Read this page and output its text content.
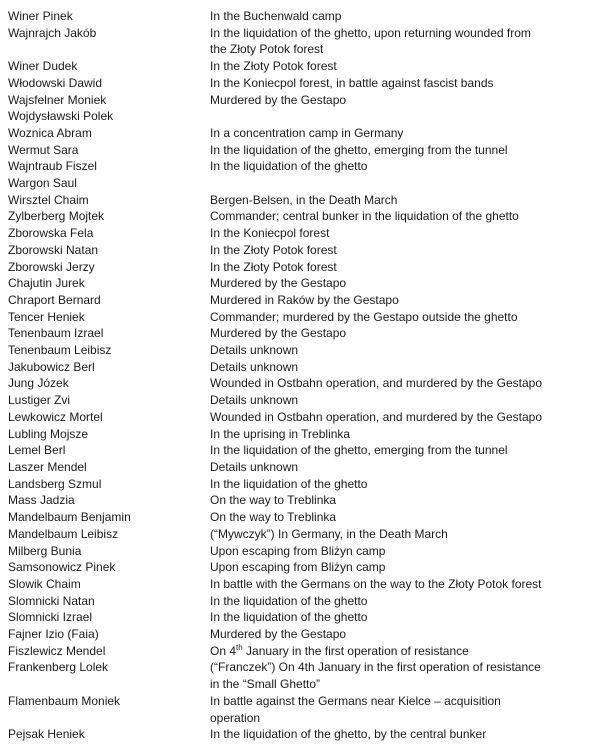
Winer Pinek	In the Buchenwald camp
Wajnrajch Jakób	In the liquidation of the ghetto, upon returning wounded from
the Złoty Potok forest
Winer Dudek	In the Złoty Potok forest
Włodowski Dawid	In the Koniecpol forest, in battle against fascist bands
Wajsfelner Moniek	Murdered by the Gestapo
Wojdysławski Polek

Woznica Abram	In a concentration camp in Germany
Wermut Sara	In the liquidation of the ghetto, emerging from the tunnel
Wajntraub Fiszel	In the liquidation of the ghetto
Wargon Saul

Wirsztel Chaim	Bergen-Belsen, in the Death March
Zylberberg Mojtek	Commander; central bunker in the liquidation of the ghetto
Zborowska Fela	In the Koniecpol forest
Zborowski Natan	In the Złoty Potok forest
Zborowski Jerzy	In the Złoty Potok forest
Chajutin Jurek	Murdered by the Gestapo
Chraport Bernard	Murdered in Raków by the Gestapo
Tencer Heniek	Commander; murdered by the Gestapo outside the ghetto
Tenenbaum Izrael	Murdered by the Gestapo
Tenenbaum Leibisz	Details unknown
Jakubowicz Berl	Details unknown
Jung Józek	Wounded in Ostbahn operation, and murdered by the Gestapo
Lustiger Zvi	Details unknown
Lewkowicz Mortel	Wounded in Ostbahn operation, and murdered by the Gestapo
Lubling Mojsze	In the uprising in Treblinka
Lemel Berl	In the liquidation of the ghetto, emerging from the tunnel
Laszer Mendel	Details unknown
Landsberg Szmul	In the liquidation of the ghetto
Mass Jadzia	On the way to Treblinka
Mandelbaum Benjamin	On the way to Treblinka
Mandelbaum Leibisz	(“Mywczyk”) In Germany, in the Death March
Milberg Bunia	Upon escaping from Bliżyn camp
Samsonowicz Pinek	Upon escaping from Bliżyn camp
Slowik Chaim	In battle with the Germans on the way to the Złoty Potok forest
Slomnicki Natan	In the liquidation of the ghetto
Slomnicki Izrael	In the liquidation of the ghetto
Fajner Izio (Faia)	Murdered by the Gestapo
Fiszlewicz Mendel	On 4th January in the first operation of resistance
Frankenberg Lolek	(“Franczek”) On 4th January in the first operation of resistance
in the “Small Ghetto”
Flamenbaum Moniek	In battle against the Germans near Kielce – acquisition
operation
Pejsak Heniek	In the liquidation of the ghetto, by the central bunker
